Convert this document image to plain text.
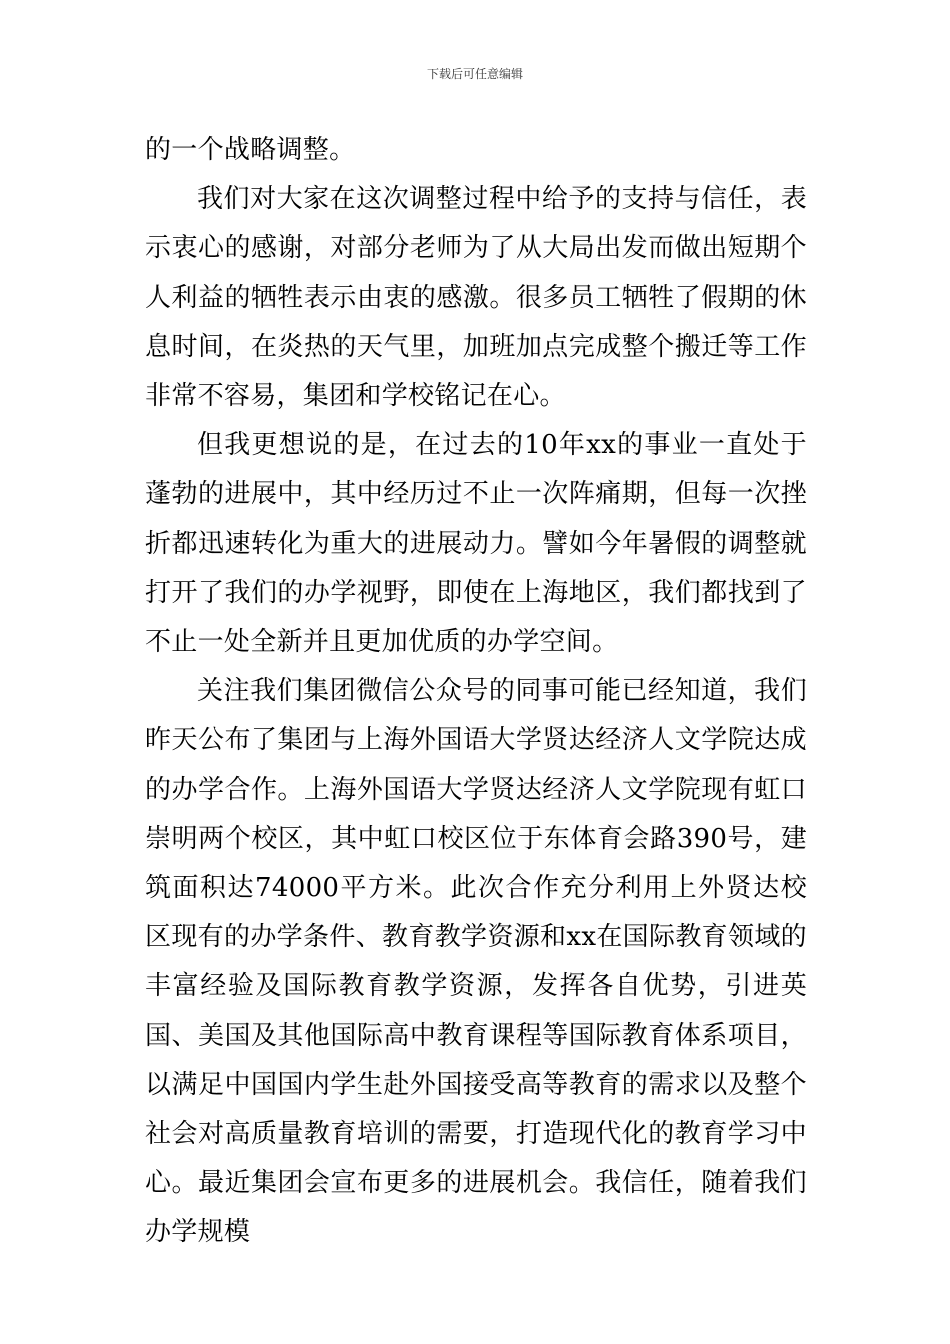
下载后可任意编辑

的一个战略调整。

我们对大家在这次调整过程中给予的支持与信任，表示衷心的感谢，对部分老师为了从大局出发而做出短期个人利益的牺牲表示由衷的感激。很多员工牺牲了假期的休息时间，在炎热的天气里，加班加点完成整个搬迁等工作非常不容易，集团和学校铭记在心。

但我更想说的是，在过去的10年xx的事业一直处于蓬勃的进展中，其中经历过不止一次阵痛期，但每一次挫折都迅速转化为重大的进展动力。譬如今年暑假的调整就打开了我们的办学视野，即使在上海地区，我们都找到了不止一处全新并且更加优质的办学空间。

关注我们集团微信公众号的同事可能已经知道，我们昨天公布了集团与上海外国语大学贤达经济人文学院达成的办学合作。上海外国语大学贤达经济人文学院现有虹口崇明两个校区，其中虹口校区位于东体育会路390号，建筑面积达74000平方米。此次合作充分利用上外贤达校区现有的办学条件、教育教学资源和xx在国际教育领域的丰富经验及国际教育教学资源，发挥各自优势，引进英国、美国及其他国际高中教育课程等国际教育体系项目，以满足中国国内学生赴外国接受高等教育的需求以及整个社会对高质量教育培训的需要，打造现代化的教育学习中心。最近集团会宣布更多的进展机会。我信任，随着我们办学规模
